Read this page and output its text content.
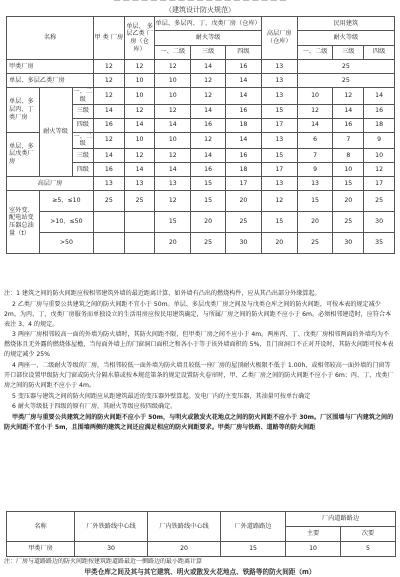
— — — — — — — — — — — — — — — — — — —
（建筑设计防火规范）
名称			甲 类 厂房	单层、 多 层乙类 厂房（仓 库）	单层、多层丙、丁、戊类厂房（仓库）			高层厂房（仓库）	民用建筑		
					耐火等级				耐火等级		
					一、二级	三级	四级		一、二级	三级	四级
甲类厂房			12	12	12	14	16	13	25		
单层、多层乙类厂房			12	10	10	12	14	13	25		
单层、多层丙、丁类厂房	耐火等级	一、二级	12	10	10	12	14	13	10	12	14
		三级	14	12	12	14	16	15	12	14	16
		四级	16	14	14	16	18	17	14	16	18
单层、多层戊类厂房		一、二级	12	10	10	12	14	13	6	7	9
		三级	14	12	12	14	16	15	7	8	10
		四级	16	14	14	16	18	17	9	10	12
高层厂房			13	13	13	15	17	13	13	15	17
室外变、配电站变压器总油量（t）	≥5、≤10		25	25	12	15	20	12	15	20	25
	>10、≤50				15	20	25	15	20	25	30
	>50				20	25	30	20	25	30	35

注：1 建筑之间的防火间距应按相邻建筑外墙的最近距离计算，如外墙有凸出的燃烧构件，应从其凸出部分外缘算起。

2 乙类厂房与重要公共建筑之间的防火间距不宜小于 50m。单层、多层戊类厂房之间及与戊类仓库之间的防火间距，可按本表的规定减少 2m。为丙、丁、戊类厂房服务而单独设立的生活用房应按民用建筑确定，与所属厂房之间的防火间距不应小于 6m。必须相邻建造时，应符合本表注 3、4 的规定。

3 两座厂房相邻较高一面的外墙为防火墙时，其防火间距不限，但甲类厂房之间不应小于 4m。两座丙、丁、戊类厂房相邻两面的外墙均为不燃烧体且无外露的燃烧体屋檐，当每面外墙上的门窗洞口面积之和各小于等于该外墙面积的 5%，且门窗洞口不正对开设时，其防火间距可按本表的规定减少 25%

4 两座一、二级耐火等级的厂房，当相邻较低一面外墙为防火墙且较低一座厂房的屋顶耐火极限不低于 1.00h，或相邻较高一面外墙的门窗等开口部位设置甲级防火门窗或防火分隔水幕或按本规范第条的规定设置防火卷帘时，甲、乙类厂房之间的防火间距不应小于 6m；丙、丁、戊类厂房之间的防火间距不应小于 4m。

5 变压器与建筑之间的防火间距应从距建筑最近的变压器外壁算起。发电厂内的主变压器，其油量可按单台确定

6 耐火等级低于四级的原有厂房，其耐火等级应按四级确定。

甲类厂房与重要公共建筑之间的防火间距不应小于 50m，与明火或散发火花地点之间的防火间距不应小于 30m。厂区围墙与厂内建筑之间的防火间距不宜小于 5m，且围墙两侧的建筑之间还应满足相应的防火间距要求。甲类厂房与铁路、道路等的防火间距

名称	厂外铁路线中心线	厂内铁路线中心线	厂外道路路边	厂内道路路边	
				主要	次要
甲类厂房	30	20	15	10	5
注：厂房与道路路边的防火间距按建筑距道路最近一侧路边的最小距离计算
甲类仓库之间及其与其它建筑、明火或散发火花地点、铁路等的防火间距（m）
